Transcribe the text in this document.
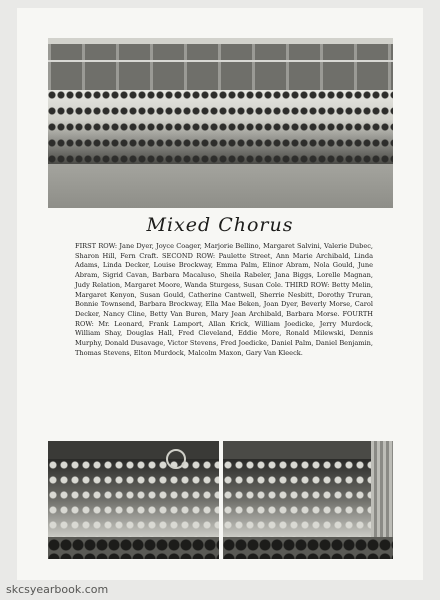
Mixed Chorus
FIRST ROW: Jane Dyer, Joyce Coager, Marjorie Bellino, Margaret Salvini, Valerie Dubec, Sharon Hill, Fern Craft. SECOND ROW: Paulette Street, Ann Marie Archibald, Linda Adams, Linda Decker, Louise Brockway, Emma Palm, Elinor Abram, Nola Gould, June Abram, Sigrid Cavan, Barbara Macaluso, Sheila Rabeler, Jana Biggs, Lorelle Magnan, Judy Relation, Margaret Moore, Wanda Sturgess, Susan Cole. THIRD ROW: Betty Melin, Margaret Kenyon, Susan Gould, Catherine Cantwell, Sherrie Nesbitt, Dorothy Truran, Bonnie Townsend, Barbara Brockway, Ella Mae Beken, Joan Dyer, Beverly Morse, Carol Decker, Nancy Cline, Betty Van Buren, Mary Jean Archibald, Barbara Morse. FOURTH ROW: Mr. Leonard, Frank Lamport, Allan Krick, William Joedicke, Jerry Murdock, William Shay, Douglas Hall, Fred Cleveland, Eddie More, Ronald Milewski, Dennis Murphy, Donald Dusavage, Victor Stevens, Fred Joedicke, Daniel Palm, Daniel Benjamin, Thomas Stevens, Elton Murdock, Malcolm Maxon, Gary Van Kleeck.
skcsyearbook.com
